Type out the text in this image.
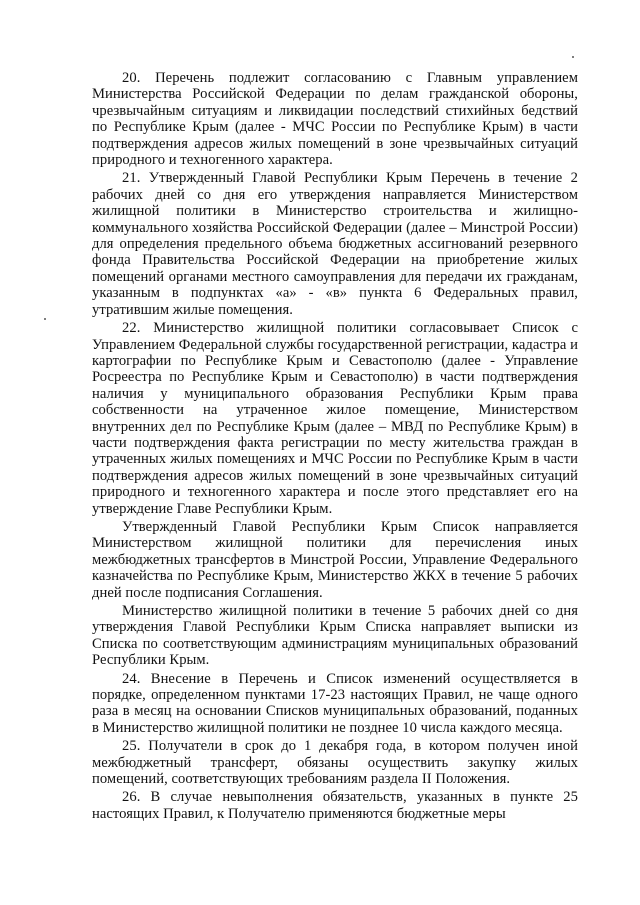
20. Перечень подлежит согласованию с Главным управлением Министерства Российской Федерации по делам гражданской обороны, чрезвычайным ситуациям и ликвидации последствий стихийных бедствий по Республике Крым (далее - МЧС России по Республике Крым) в части подтверждения адресов жилых помещений в зоне чрезвычайных ситуаций природного и техногенного характера.

21. Утвержденный Главой Республики Крым Перечень в течение 2 рабочих дней со дня его утверждения направляется Министерством жилищной политики в Министерство строительства и жилищно-коммунального хозяйства Российской Федерации (далее – Минстрой России) для определения предельного объема бюджетных ассигнований резервного фонда Правительства Российской Федерации на приобретение жилых помещений органами местного самоуправления для передачи их гражданам, указанным в подпунктах «а» - «в» пункта 6 Федеральных правил, утратившим жилые помещения.

22. Министерство жилищной политики согласовывает Список с Управлением Федеральной службы государственной регистрации, кадастра и картографии по Республике Крым и Севастополю (далее - Управление Росреестра по Республике Крым и Севастополю) в части подтверждения наличия у муниципального образования Республики Крым права собственности на утраченное жилое помещение, Министерством внутренних дел по Республике Крым (далее – МВД по Республике Крым) в части подтверждения факта регистрации по месту жительства граждан в утраченных жилых помещениях и МЧС России по Республике Крым в части подтверждения адресов жилых помещений в зоне чрезвычайных ситуаций природного и техногенного характера и после этого представляет его на утверждение Главе Республики Крым.

Утвержденный Главой Республики Крым Список направляется Министерством жилищной политики для перечисления иных межбюджетных трансфертов в Минстрой России, Управление Федерального казначейства по Республике Крым, Министерство ЖКХ в течение 5 рабочих дней после подписания Соглашения.

Министерство жилищной политики в течение 5 рабочих дней со дня утверждения Главой Республики Крым Списка направляет выписки из Списка по соответствующим администрациям муниципальных образований Республики Крым.

24. Внесение в Перечень и Список изменений осуществляется в порядке, определенном пунктами 17-23 настоящих Правил, не чаще одного раза в месяц на основании Списков муниципальных образований, поданных в Министерство жилищной политики не позднее 10 числа каждого месяца.

25. Получатели в срок до 1 декабря года, в котором получен иной межбюджетный трансферт, обязаны осуществить закупку жилых помещений, соответствующих требованиям раздела II Положения.

26. В случае невыполнения обязательств, указанных в пункте 25 настоящих Правил, к Получателю применяются бюджетные меры
